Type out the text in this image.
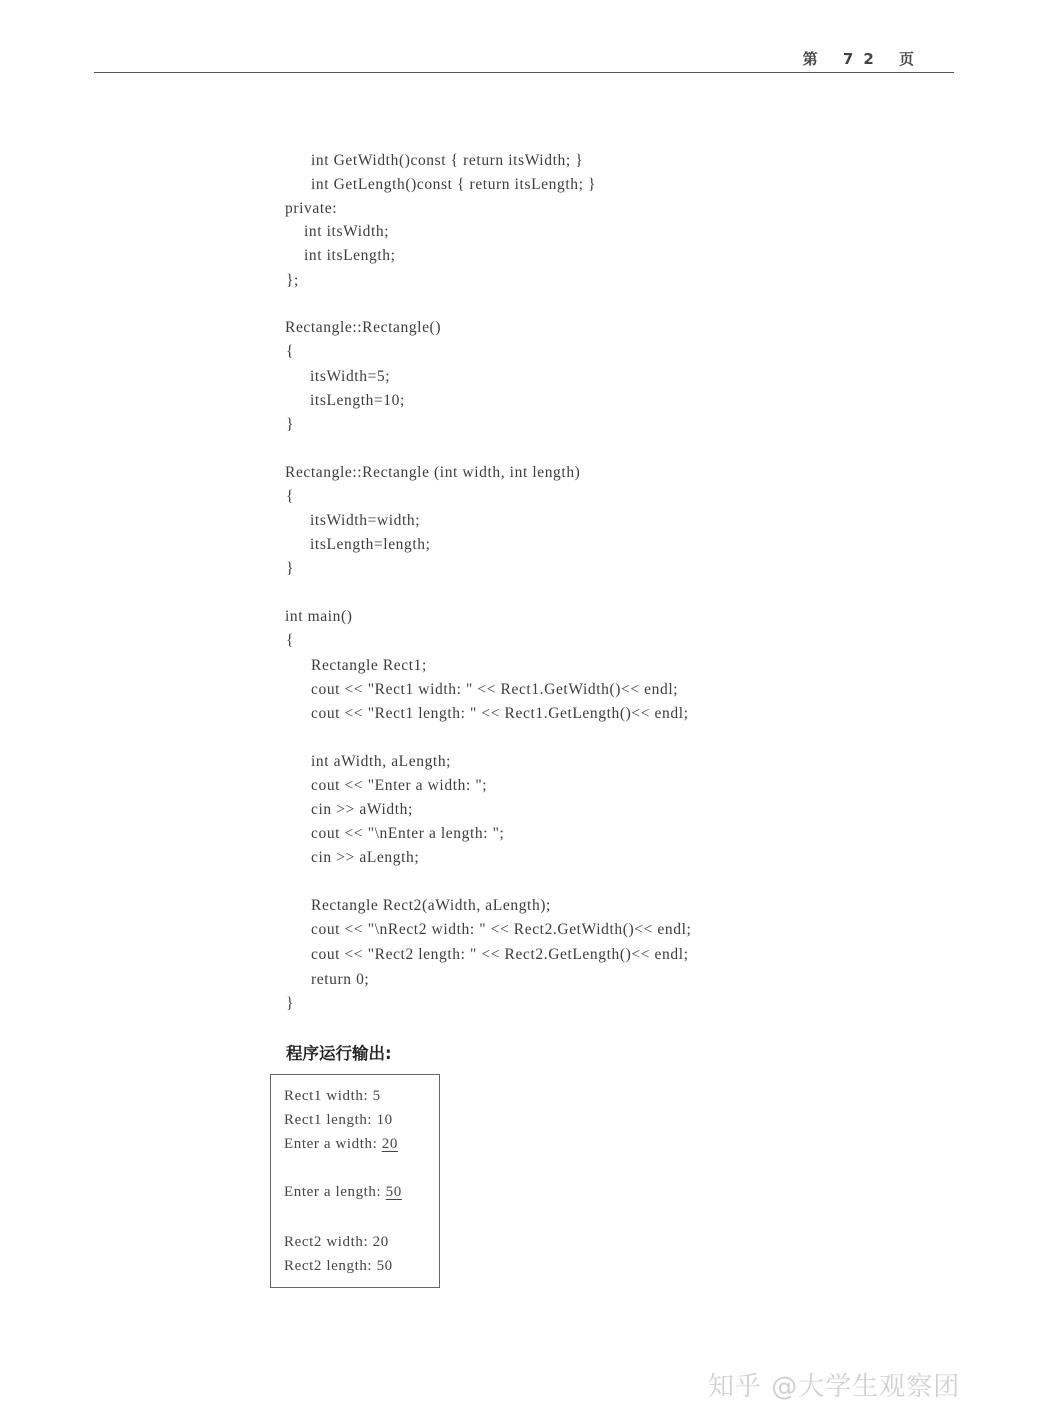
第 72 页
int GetWidth()const { return itsWidth; }
int GetLength()const { return itsLength; }
private:
int itsWidth;
int itsLength;
};
Rectangle::Rectangle()
{
itsWidth=5;
itsLength=10;
}
Rectangle::Rectangle (int width, int length)
{
itsWidth=width;
itsLength=length;
}
int main()
{
Rectangle Rect1;
cout << "Rect1 width: " << Rect1.GetWidth()<< endl;
cout << "Rect1 length: " << Rect1.GetLength()<< endl;
int aWidth, aLength;
cout << "Enter a width: ";
cin >> aWidth;
cout << "\nEnter a length: ";
cin >> aLength;
Rectangle Rect2(aWidth, aLength);
cout << "\nRect2 width: " << Rect2.GetWidth()<< endl;
cout << "Rect2 length: " << Rect2.GetLength()<< endl;
return 0;
}
程序运行输出:
Rect1 width: 5
Rect1 length: 10
Enter a width: 20
Enter a length: 50
Rect2 width: 20
Rect2 length: 50
知乎 @大学生观察团
